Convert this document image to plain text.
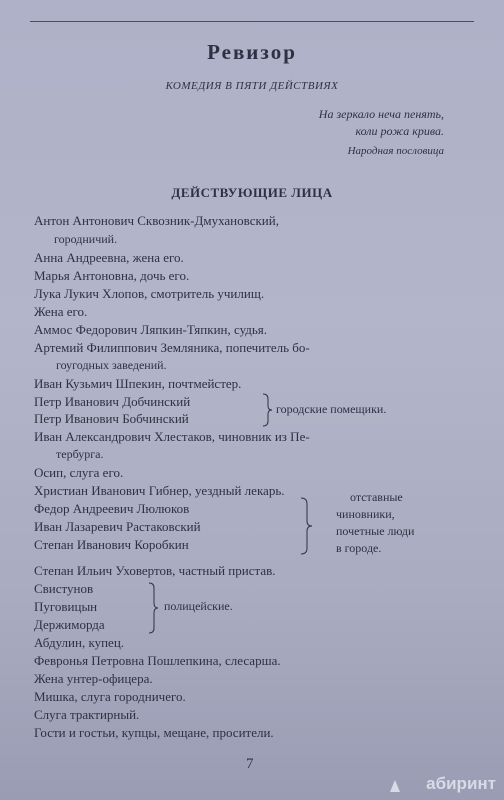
Ревизор
КОМЕДИЯ В ПЯТИ ДЕЙСТВИЯХ
На зеркало неча пенять,
коли рожа крива.
Народная пословица
ДЕЙСТВУЮЩИЕ ЛИЦА
Антон Антонович Сквозник-Дмухановский,
городничий.
Анна Андреевна, жена его.
Марья Антоновна, дочь его.
Лука Лукич Хлопов, смотритель училищ.
Жена его.
Аммос Федорович Ляпкин-Тяпкин, судья.
Артемий Филиппович Земляника, попечитель бо-
гоугодных заведений.
Иван Кузьмич Шпекин, почтмейстер.
Петр Иванович Добчинский
Петр Иванович Бобчинский
городские помещики.
Иван Александрович Хлестаков, чиновник из Пе-
тербурга.
Осип, слуга его.
Христиан Иванович Гибнер, уездный лекарь.
Федор Андреевич Люлюков
Иван Лазаревич Растаковский
Степан Иванович Коробкин
отставные
чиновники,
почетные люди
в городе.
Степан Ильич Уховертов, частный пристав.
Свистунов
Пуговицын
Держиморда
полицейские.
Абдулин, купец.
Февронья Петровна Пошлепкина, слесарша.
Жена унтер-офицера.
Мишка, слуга городничего.
Слуга трактирный.
Гости и гостьи, купцы, мещане, просители.
7
абиринт
